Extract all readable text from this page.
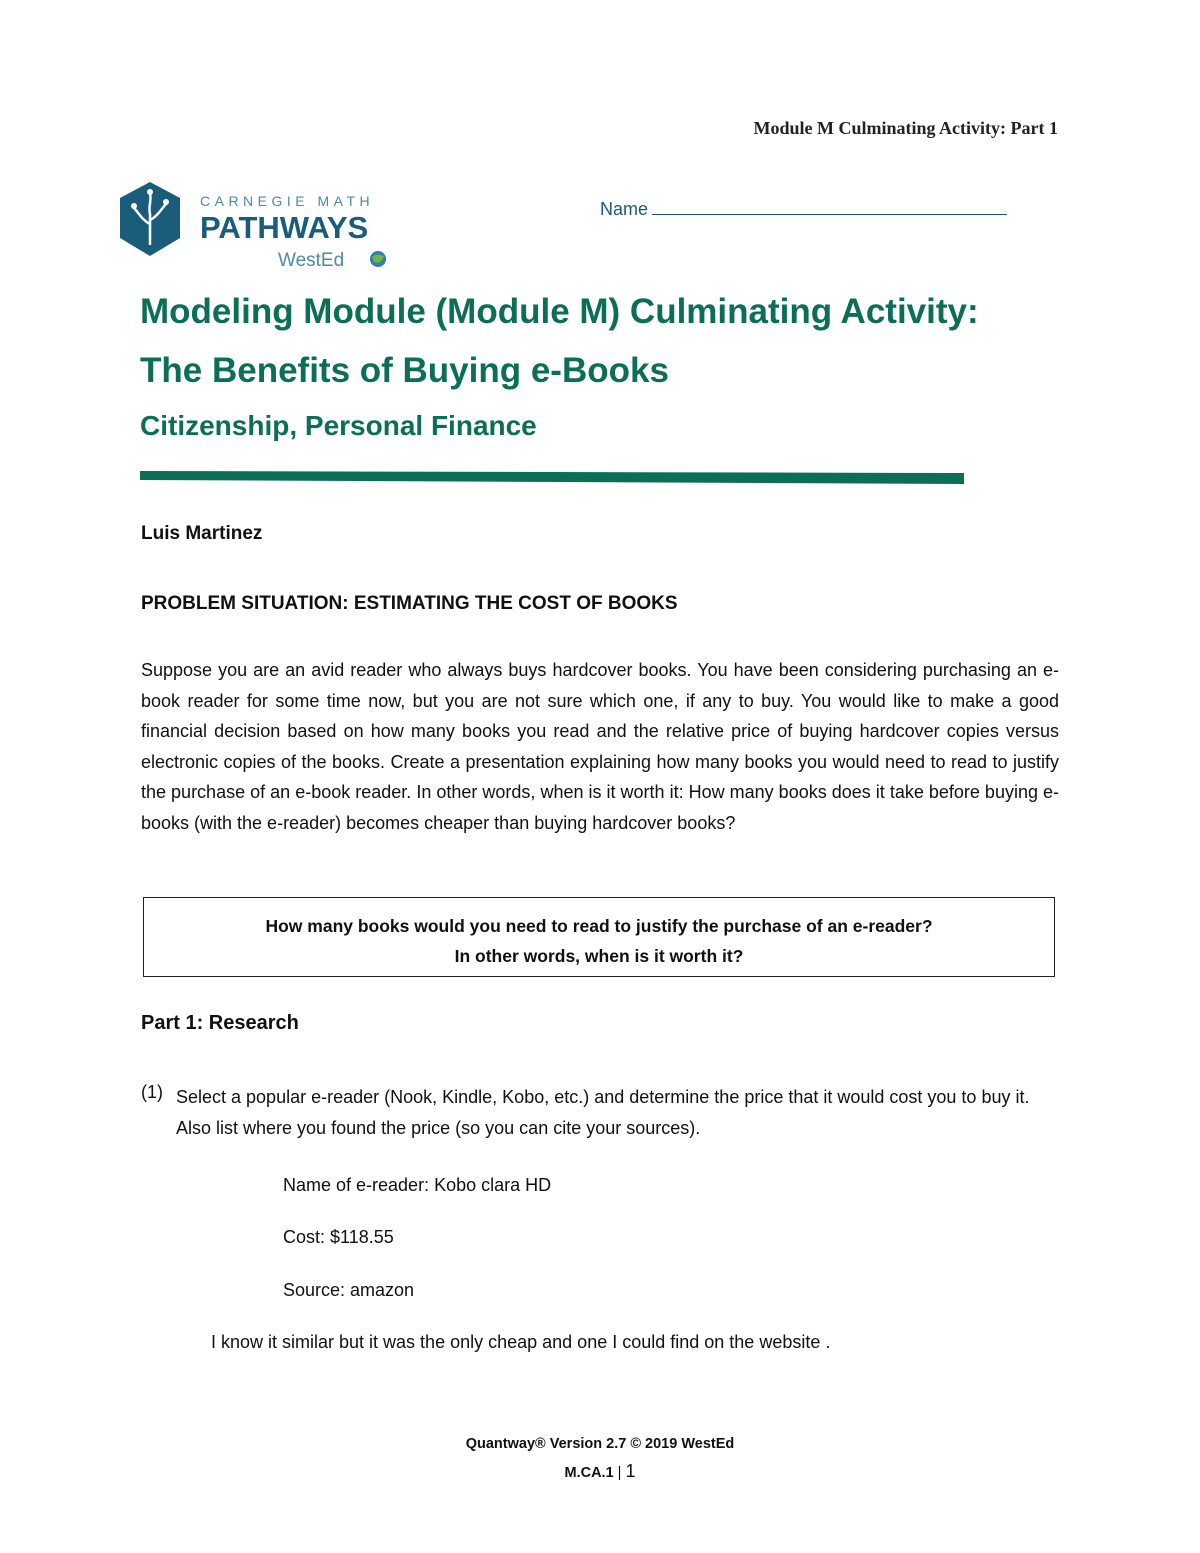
Module M Culminating Activity: Part 1
CARNEGIE MATH
PATHWAYS
WestEd
Name
Modeling Module (Module M) Culminating Activity:
The Benefits of Buying e-Books
Citizenship, Personal Finance
Luis Martinez
PROBLEM SITUATION: ESTIMATING THE COST OF BOOKS
Suppose you are an avid reader who always buys hardcover books. You have been considering purchasing an e-book reader for some time now, but you are not sure which one, if any to buy. You would like to make a good financial decision based on how many books you read and the relative price of buying hardcover copies versus electronic copies of the books. Create a presentation explaining how many books you would need to read to justify the purchase of an e-book reader. In other words, when is it worth it: How many books does it take before buying e-books (with the e-reader) becomes cheaper than buying hardcover books?
How many books would you need to read to justify the purchase of an e-reader?
In other words, when is it worth it?
Part 1: Research
(1) Select a popular e-reader (Nook, Kindle, Kobo, etc.) and determine the price that it would cost you to buy it. Also list where you found the price (so you can cite your sources).
Name of e-reader: Kobo clara HD
Cost: $118.55
Source: amazon
I know it similar but it was the only cheap and one I could find on the website .
Quantway® Version 2.7 © 2019 WestEd
M.CA.1 | 1
